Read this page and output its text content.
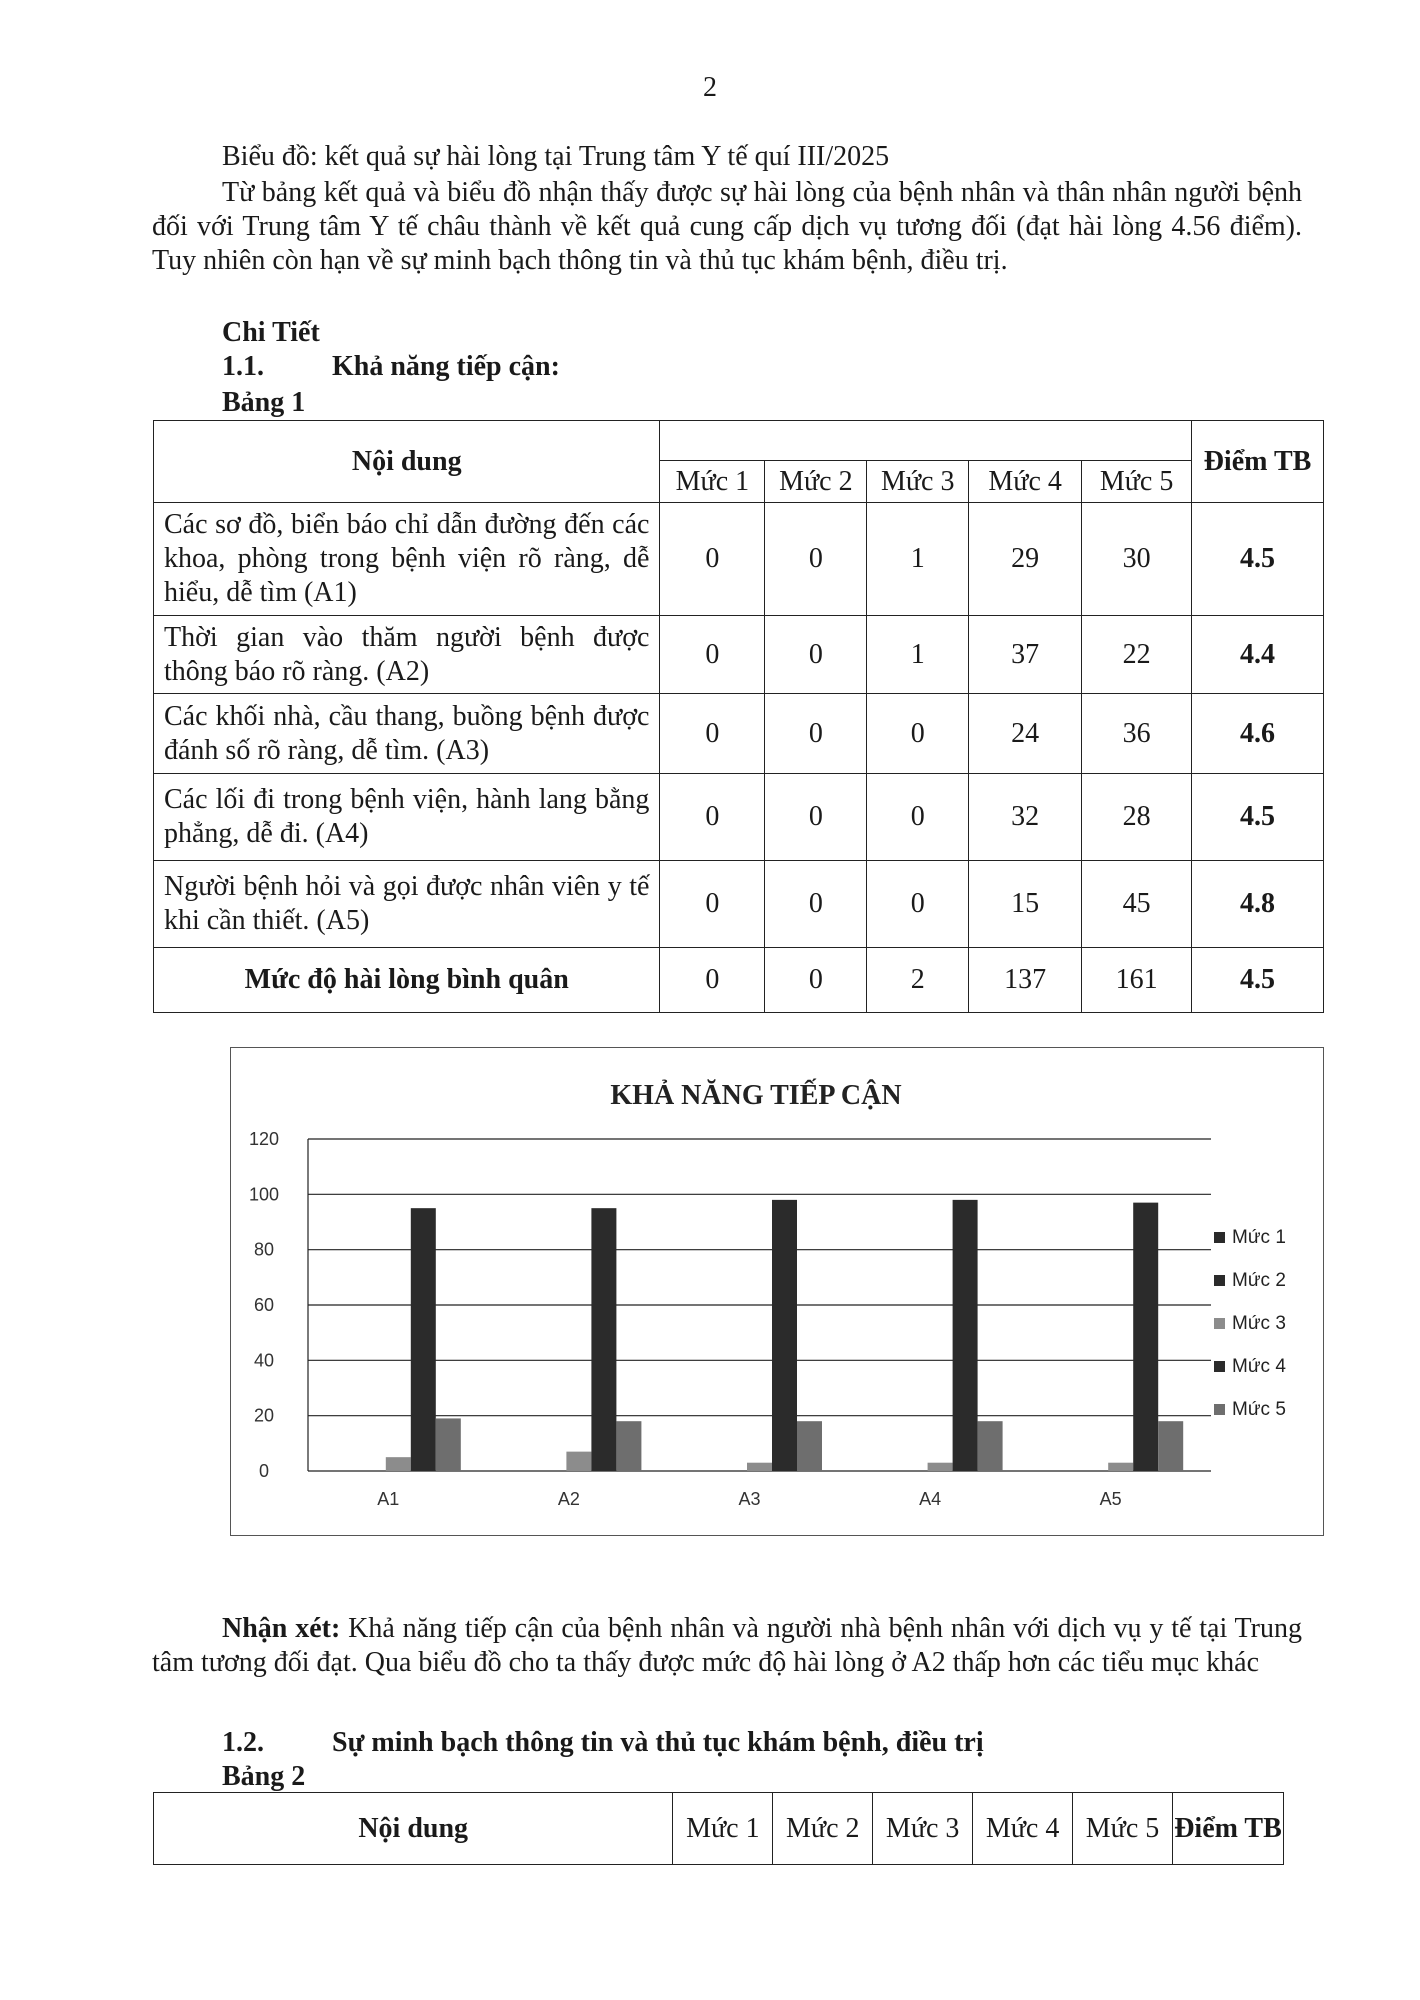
2
Biểu đồ: kết quả sự hài lòng tại Trung tâm Y tế quí III/2025
Từ bảng kết quả và biểu đồ nhận thấy được sự hài lòng của bệnh nhân và thân nhân người bệnh đối với Trung tâm Y tế châu thành về kết quả cung cấp dịch vụ tương đối (đạt hài lòng 4.56 điểm). Tuy nhiên còn hạn về sự minh bạch thông tin và thủ tục khám bệnh, điều trị.
Chi Tiết
1.1. Khả năng tiếp cận:
Bảng 1
Nội dung						Điểm TB
	Mức 1	Mức 2	Mức 3	Mức 4	Mức 5	
Các sơ đồ, biển báo chỉ dẫn đường đến các khoa, phòng trong bệnh viện rõ ràng, dễ hiểu, dễ tìm (A1)	0	0	1	29	30	4.5
Thời gian vào thăm người bệnh được thông báo rõ ràng. (A2)	0	0	1	37	22	4.4
Các khối nhà, cầu thang, buồng bệnh được đánh số rõ ràng, dễ tìm. (A3)	0	0	0	24	36	4.6
Các lối đi trong bệnh viện, hành lang bằng phẳng, dễ đi. (A4)	0	0	0	32	28	4.5
Người bệnh hỏi và gọi được nhân viên y tế khi cần thiết. (A5)	0	0	0	15	45	4.8
Mức độ hài lòng bình quân	0	0	2	137	161	4.5
KHẢ NĂNG TIẾP CẬN
0
20
40
60
80
100
120
A1	A2	A3	A4	A5
Mức 1
Mức 2
Mức 3
Mức 4
Mức 5
Nhận xét: Khả năng tiếp cận của bệnh nhân và người nhà bệnh nhân với dịch vụ y tế tại Trung tâm tương đối đạt. Qua biểu đồ cho ta thấy được mức độ hài lòng ở A2 thấp hơn các tiểu mục khác
1.2. Sự minh bạch thông tin và thủ tục khám bệnh, điều trị
Bảng 2
Nội dung	Mức 1	Mức 2	Mức 3	Mức 4	Mức 5	Điểm TB
